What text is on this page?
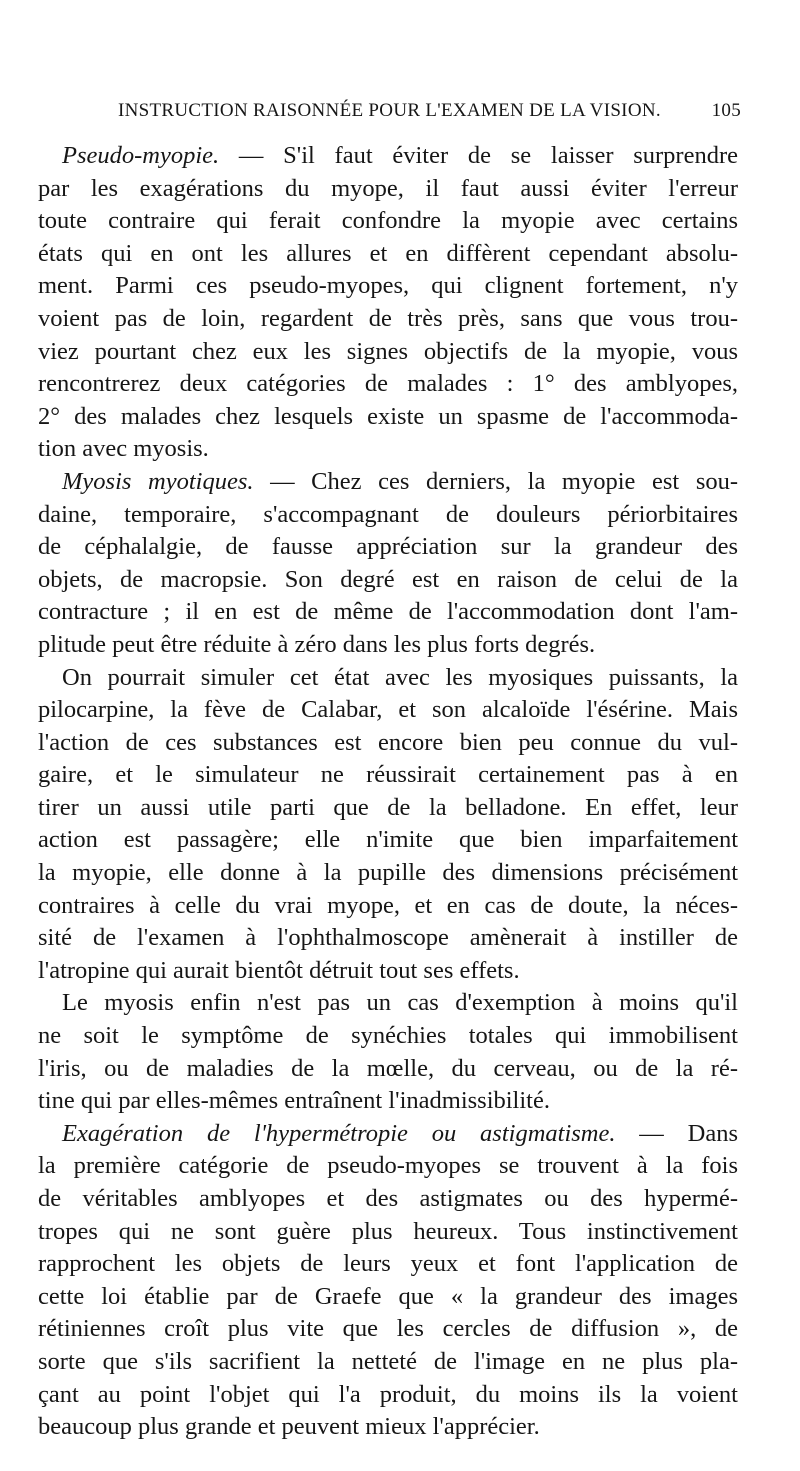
INSTRUCTION RAISONNÉE POUR L'EXAMEN DE LA VISION.	105
Pseudo-myopie. — S'il faut éviter de se laisser surprendre
par les exagérations du myope, il faut aussi éviter l'erreur
toute contraire qui ferait confondre la myopie avec certains
états qui en ont les allures et en diffèrent cependant absolu-
ment. Parmi ces pseudo-myopes, qui clignent fortement, n'y
voient pas de loin, regardent de très près, sans que vous trou-
viez pourtant chez eux les signes objectifs de la myopie, vous
rencontrerez deux catégories de malades : 1° des amblyopes,
2° des malades chez lesquels existe un spasme de l'accommoda-
tion avec myosis.
Myosis myotiques. — Chez ces derniers, la myopie est sou-
daine, temporaire, s'accompagnant de douleurs périorbitaires
de céphalalgie, de fausse appréciation sur la grandeur des
objets, de macropsie. Son degré est en raison de celui de la
contracture ; il en est de même de l'accommodation dont l'am-
plitude peut être réduite à zéro dans les plus forts degrés.
On pourrait simuler cet état avec les myosiques puissants, la
pilocarpine, la fève de Calabar, et son alcaloïde l'ésérine. Mais
l'action de ces substances est encore bien peu connue du vul-
gaire, et le simulateur ne réussirait certainement pas à en
tirer un aussi utile parti que de la belladone. En effet, leur
action est passagère; elle n'imite que bien imparfaitement
la myopie, elle donne à la pupille des dimensions précisément
contraires à celle du vrai myope, et en cas de doute, la néces-
sité de l'examen à l'ophthalmoscope amènerait à instiller de
l'atropine qui aurait bientôt détruit tout ses effets.
Le myosis enfin n'est pas un cas d'exemption à moins qu'il
ne soit le symptôme de synéchies totales qui immobilisent
l'iris, ou de maladies de la mœlle, du cerveau, ou de la ré-
tine qui par elles-mêmes entraînent l'inadmissibilité.
Exagération de l'hypermétropie ou astigmatisme. — Dans
la première catégorie de pseudo-myopes se trouvent à la fois
de véritables amblyopes et des astigmates ou des hypermé-
tropes qui ne sont guère plus heureux. Tous instinctivement
rapprochent les objets de leurs yeux et font l'application de
cette loi établie par de Graefe que « la grandeur des images
rétiniennes croît plus vite que les cercles de diffusion », de
sorte que s'ils sacrifient la netteté de l'image en ne plus pla-
çant au point l'objet qui l'a produit, du moins ils la voient
beaucoup plus grande et peuvent mieux l'apprécier.
